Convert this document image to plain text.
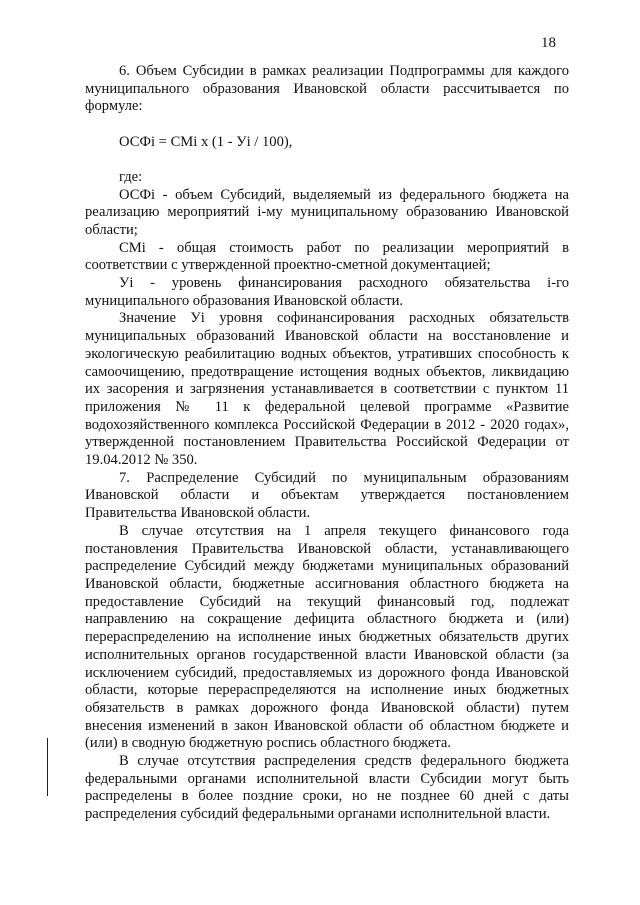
18

6. Объем Субсидии в рамках реализации Подпрограммы для каждого муниципального образования Ивановской области рассчитывается по формуле:

ОСФi = СМi х (1 - Уi / 100),

где:

ОСФi - объем Субсидий, выделяемый из федерального бюджета на реализацию мероприятий i-му муниципальному образованию Ивановской области;

СМi - общая стоимость работ по реализации мероприятий в соответствии с утвержденной проектно-сметной документацией;

Уi - уровень финансирования расходного обязательства i-го муниципального образования Ивановской области.

Значение Уi уровня софинансирования расходных обязательств муниципальных образований Ивановской области на восстановление и экологическую реабилитацию водных объектов, утративших способность к самоочищению, предотвращение истощения водных объектов, ликвидацию их засорения и загрязнения устанавливается в соответствии с пунктом 11 приложения № 11 к федеральной целевой программе «Развитие водохозяйственного комплекса Российской Федерации в 2012 - 2020 годах», утвержденной постановлением Правительства Российской Федерации от 19.04.2012 № 350.

7. Распределение Субсидий по муниципальным образованиям Ивановской области и объектам утверждается постановлением Правительства Ивановской области.

В случае отсутствия на 1 апреля текущего финансового года постановления Правительства Ивановской области, устанавливающего распределение Субсидий между бюджетами муниципальных образований Ивановской области, бюджетные ассигнования областного бюджета на предоставление Субсидий на текущий финансовый год, подлежат направлению на сокращение дефицита областного бюджета и (или) перераспределению на исполнение иных бюджетных обязательств других исполнительных органов государственной власти Ивановской области (за исключением субсидий, предоставляемых из дорожного фонда Ивановской области, которые перераспределяются на исполнение иных бюджетных обязательств в рамках дорожного фонда Ивановской области) путем внесения изменений в закон Ивановской области об областном бюджете и (или) в сводную бюджетную роспись областного бюджета.

В случае отсутствия распределения средств федерального бюджета федеральными органами исполнительной власти Субсидии могут быть распределены в более поздние сроки, но не позднее 60 дней с даты распределения субсидий федеральными органами исполнительной власти.
